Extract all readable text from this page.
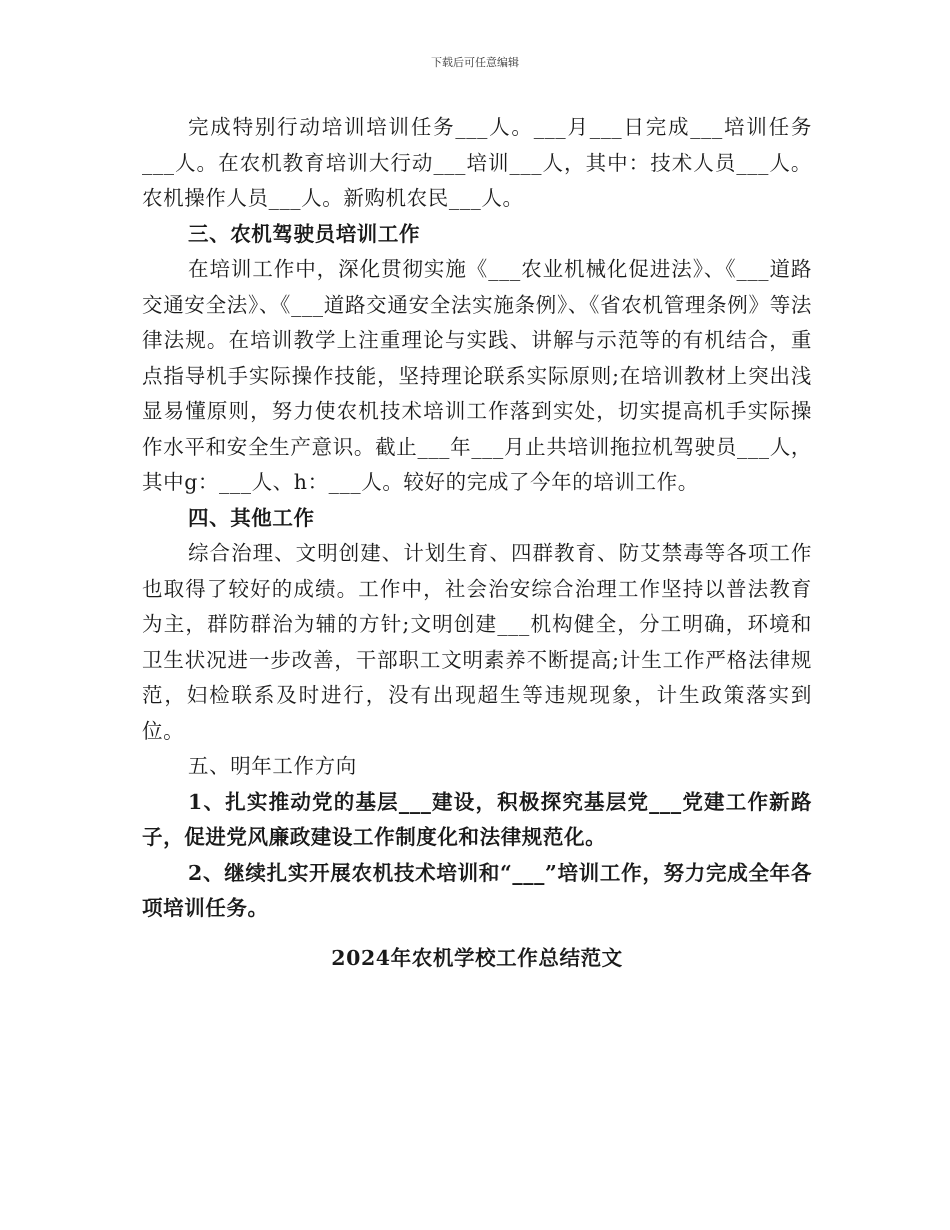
下载后可任意编辑

完成特别行动培训培训任务___人。___月___日完成___培训任务___人。在农机教育培训大行动___培训___人，其中：技术人员___人。农机操作人员___人。新购机农民___人。

三、农机驾驶员培训工作

在培训工作中，深化贯彻实施《___农业机械化促进法》、《___道路交通安全法》、《___道路交通安全法实施条例》、《省农机管理条例》等法律法规。在培训教学上注重理论与实践、讲解与示范等的有机结合，重点指导机手实际操作技能，坚持理论联系实际原则;在培训教材上突出浅显易懂原则，努力使农机技术培训工作落到实处，切实提高机手实际操作水平和安全生产意识。截止___年___月止共培训拖拉机驾驶员___人，其中g：___人、h：___人。较好的完成了今年的培训工作。

四、其他工作

综合治理、文明创建、计划生育、四群教育、防艾禁毒等各项工作也取得了较好的成绩。工作中，社会治安综合治理工作坚持以普法教育为主，群防群治为辅的方针;文明创建___机构健全，分工明确，环境和卫生状况进一步改善，干部职工文明素养不断提高;计生工作严格法律规范，妇检联系及时进行，没有出现超生等违规现象，计生政策落实到位。

五、明年工作方向

1、扎实推动党的基层___建设，积极探究基层党___党建工作新路子，促进党风廉政建设工作制度化和法律规范化。

2、继续扎实开展农机技术培训和“___”培训工作，努力完成全年各项培训任务。

2024年农机学校工作总结范文
